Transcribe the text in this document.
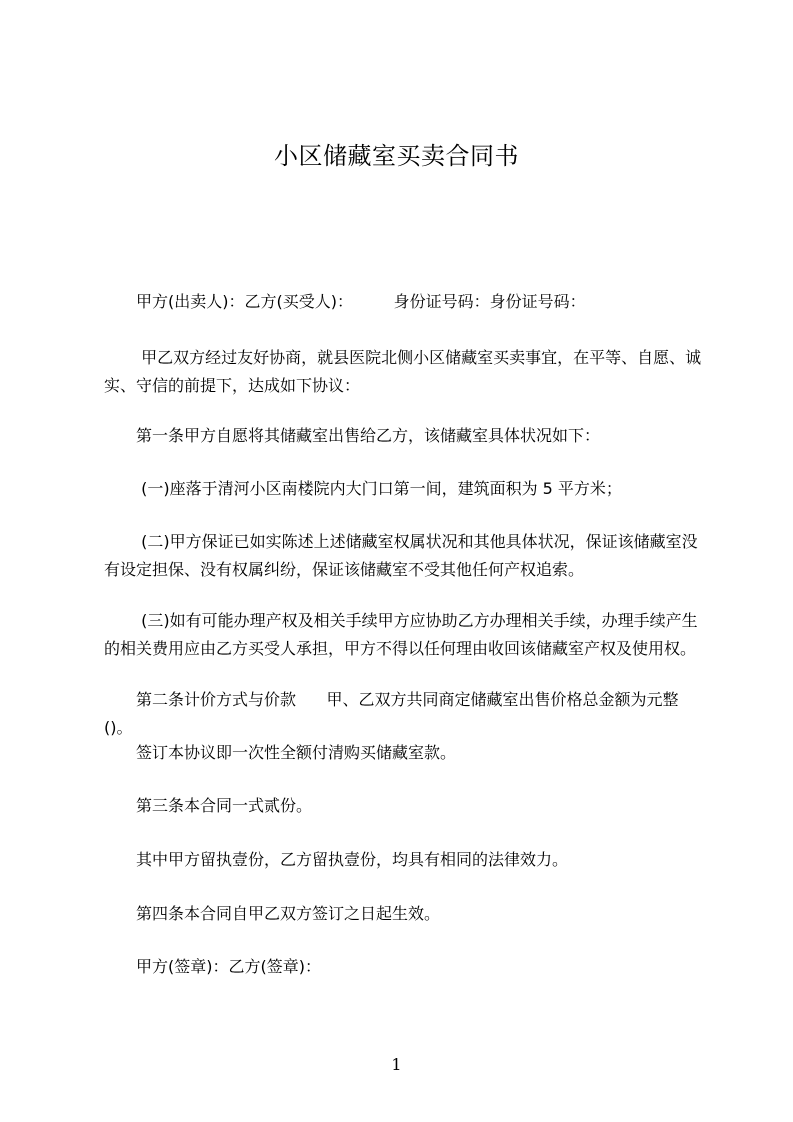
小区储藏室买卖合同书

甲方(出卖人)：乙方(买受人)：        身份证号码：身份证号码：

甲乙双方经过友好协商，就县医院北侧小区储藏室买卖事宜，在平等、自愿、诚实、守信的前提下，达成如下协议：

第一条甲方自愿将其储藏室出售给乙方，该储藏室具体状况如下：

(一)座落于清河小区南楼院内大门口第一间，建筑面积为 5 平方米；

(二)甲方保证已如实陈述上述储藏室权属状况和其他具体状况，保证该储藏室没有设定担保、没有权属纠纷，保证该储藏室不受其他任何产权追索。

(三)如有可能办理产权及相关手续甲方应协助乙方办理相关手续，办理手续产生的相关费用应由乙方买受人承担，甲方不得以任何理由收回该储藏室产权及使用权。

第二条计价方式与价款      甲、乙双方共同商定储藏室出售价格总金额为元整()。

签订本协议即一次性全额付清购买储藏室款。

第三条本合同一式贰份。

其中甲方留执壹份，乙方留执壹份，均具有相同的法律效力。

第四条本合同自甲乙双方签订之日起生效。

甲方(签章)：乙方(签章)：

1
